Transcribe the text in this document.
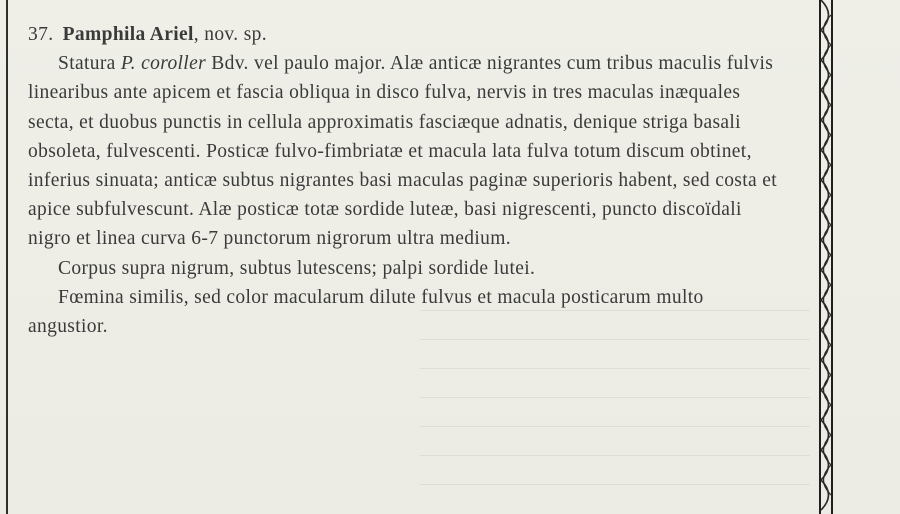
37. Pamphila Ariel, nov. sp.

Statura P. coroller Bdv. vel paulo major. Alæ anticæ nigrantes cum tribus maculis fulvis linearibus ante apicem et fascia obliqua in disco fulva, nervis in tres maculas inæquales secta, et duobus punctis in cellula approximatis fasciæque adnatis, denique striga basali obsoleta, fulvescenti. Posticæ fulvo-fimbriatæ et macula lata fulva totum discum obtinet, inferius sinuata; anticæ subtus nigrantes basi maculas paginæ superioris habent, sed costa et apice subfulvescunt. Alæ posticæ totæ sordide luteæ, basi nigrescenti, puncto discoïdali nigro et linea curva 6-7 punctorum nigrorum ultra medium.

Corpus supra nigrum, subtus lutescens; palpi sordide lutei.

Fœmina similis, sed color macularum dilute fulvus et macula posticarum multo angustior.
